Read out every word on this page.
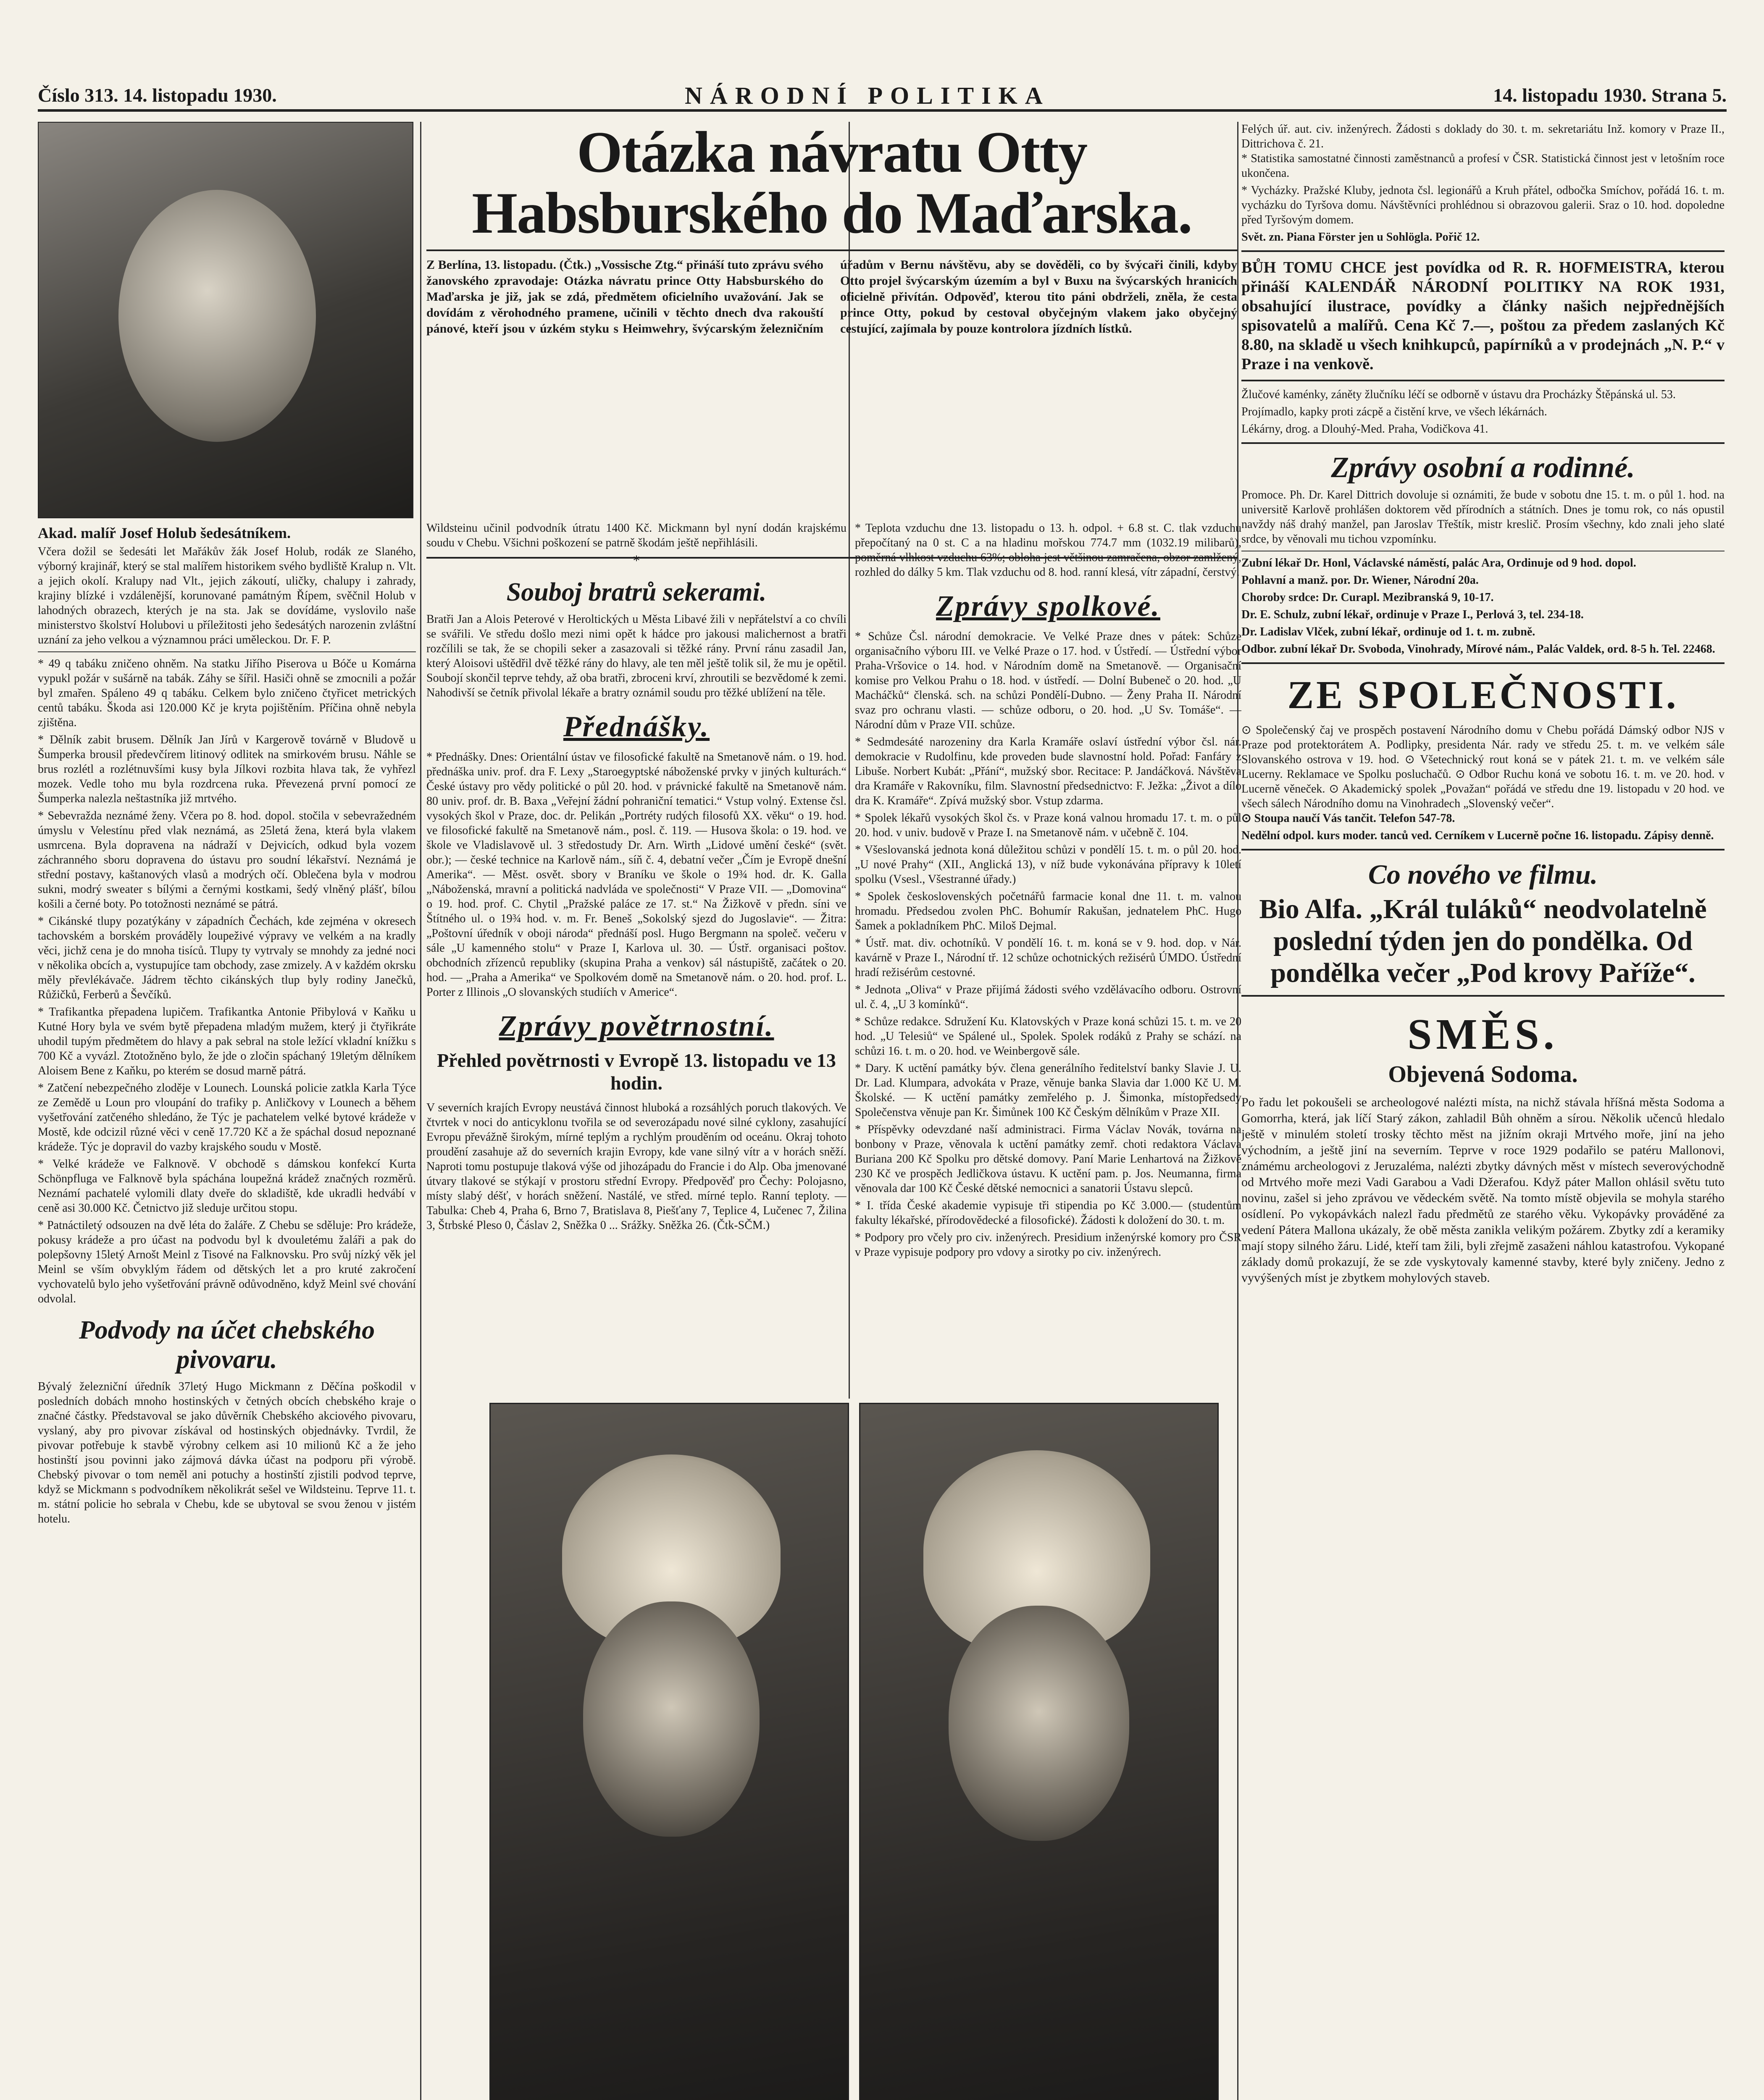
Číslo 313. 14. listopadu 1930.	NÁRODNÍ POLITIKA	14. listopadu 1930. Strana 5.
Akad. malíř Josef Holub šedesátníkem.
Včera dožil se šedesáti let Mařákův žák Josef Holub, rodák ze Slaného, výborný krajinář, který se stal malířem historikem svého bydliště Kralup n. Vlt. a jejich okolí. Kralupy nad Vlt., jejich zákoutí, uličky, chalupy i zahrady, krajiny blízké i vzdálenější, korunované památným Řípem, svěčnil Holub v lahodných obrazech, kterých je na sta. Jak se dovídáme, vyslovilo naše ministerstvo školství Holubovi u příležitosti jeho šedesátých narozenin zvláštní uznání za jeho velkou a významnou práci uměleckou. Dr. F. P.
* 49 q tabáku zničeno ohněm. Na statku Jiřího Piserova u Bóče u Komárna vypukl požár v sušárně na tabák. Záhy se šířil. Hasiči ohně se zmocnili a požár byl zmařen. Spáleno 49 q tabáku. Celkem bylo zničeno čtyřicet metrických centů tabáku. Škoda asi 120.000 Kč je kryta pojištěním. Příčina ohně nebyla zjištěna.
* Dělník zabit brusem. Dělník Jan Jírů v Kargerově továrně v Bludově u Šumperka brousil předevčírem litinový odlitek na smirkovém brusu. Náhle se brus rozlétl a rozlétnuvšími kusy byla Jílkovi rozbita hlava tak, že vyhřezl mozek. Vedle toho mu byla rozdrcena ruka. Převezená první pomocí ze Šumperka nalezla neštastníka již mrtvého.
* Sebevražda neznámé ženy. Včera po 8. hod. dopol. stočila v sebevražedném úmyslu v Velestínu před vlak neznámá, as 25letá žena, která byla vlakem usmrcena. Byla dopravena na nádraží v Dejvicích, odkud byla vozem záchranného sboru dopravena do ústavu pro soudní lékařství. Neznámá je střední postavy, kaštanových vlasů a modrých očí. Oblečena byla v modrou sukni, modrý sweater s bílými a černými kostkami, šedý vlněný plášť, bílou košili a černé boty. Po totožnosti neznámé se pátrá.
* Cikánské tlupy pozatýkány v západních Čechách, kde zejména v okresech tachovském a borském prováděly loupeživé výpravy ve velkém a na kradly věci, jichž cena je do mnoha tisíců. Tlupy ty vytrvaly se mnohdy za jedné noci v několika obcích a, vystupujíce tam obchody, zase zmizely. A v každém okrsku měly převlékávače. Jádrem těchto cikánských tlup byly rodiny Janečků, Růžičků, Ferberů a Ševčíků.
* Trafikantka přepadena lupičem. Trafikantka Antonie Přibylová v Kaňku u Kutné Hory byla ve svém bytě přepadena mladým mužem, který ji čtyřikráte uhodil tupým předmětem do hlavy a pak sebral na stole ležící vkladní knížku s 700 Kč a vyvázl. Ztotožněno bylo, že jde o zločin spáchaný 19letým dělníkem Aloisem Bene z Kaňku, po kterém se dosud marně pátrá.
* Zatčení nebezpečného zloděje v Lounech. Lounská policie zatkla Karla Týce ze Zemědě u Loun pro vloupání do trafiky p. Anličkovy v Lounech a během vyšetřování zatčeného shledáno, že Týc je pachatelem velké bytové krádeže v Mostě, kde odcizil různé věci v ceně 17.720 Kč a že spáchal dosud nepoznané krádeže. Týc je dopravil do vazby krajského soudu v Mostě.
* Velké krádeže ve Falknově. V obchodě s dámskou konfekcí Kurta Schönpfluga ve Falknově byla spáchána loupežná krádež značných rozměrů. Neznámí pachatelé vylomili dlaty dveře do skladiště, kde ukradli hedvábí v ceně asi 30.000 Kč. Četnictvo již sleduje určitou stopu.
* Patnáctiletý odsouzen na dvě léta do žaláře. Z Chebu se sděluje: Pro krádeže, pokusy krádeže a pro účast na podvodu byl k dvouletému žaláři a pak do polepšovny 15letý Arnošt Meinl z Tisové na Falknovsku. Pro svůj nízký věk jel Meinl se vším obvyklým řádem od dětských let a pro kruté zakročení vychovatelů bylo jeho vyšetřování právně odůvodněno, když Meinl své chování odvolal.
Podvody na účet chebského pivovaru.
Bývalý železniční úředník 37letý Hugo Mickmann z Děčína poškodil v posledních dobách mnoho hostinských v četných obcích chebského kraje o značné částky. Představoval se jako důvěrník Chebského akciového pivovaru, vyslaný, aby pro pivovar získával od hostinských objednávky. Tvrdil, že pivovar potřebuje k stavbě výrobny celkem asi 10 milionů Kč a že jeho hostinští jsou povinni jako zájmová dávka účast na podporu při výrobě. Chebský pivovar o tom neměl ani potuchy a hostinští zjistili podvod teprve, když se Mickmann s podvodníkem několikrát sešel ve Wildsteinu. Teprve 11. t. m. státní policie ho sebrala v Chebu, kde se ubytoval se svou ženou v jistém hotelu.
Otázka návratu Otty Habsburského do Maďarska.
Z Berlína, 13. listopadu. (Čtk.) „Vossische Ztg.“ přináší tuto zprávu svého žanovského zpravodaje: Otázka návratu prince Otty Habsburského do Maďarska je již, jak se zdá, předmětem oficielního uvažování. Jak se dovídám z věrohodného pramene, učinili v těchto dnech dva rakouští pánové, kteří jsou v úzkém styku s Heimwehry, švýcarským železničním úřadům v Bernu návštěvu, aby se dověděli, co by švýcaři činili, kdyby Otto projel švýcarským územím a byl v Buxu na švýcarských hranicích oficielně přivítán. Odpověď, kterou tito páni obdrželi, zněla, že cesta prince Otty, pokud by cestoval obyčejným vlakem jako obyčejný cestující, zajímala by pouze kontrolora jízdních lístků.
Wildsteinu učinil podvodník útratu 1400 Kč. Mickmann byl nyní dodán krajskému soudu v Chebu. Všichni poškození se patrně škodám ještě nepřihlásili.
*
Souboj bratrů sekerami.
Bratři Jan a Alois Peterové v Heroltických u Města Libavé žili v nepřátelství a co chvíli se svářili. Ve středu došlo mezi nimi opět k hádce pro jakousi malichernost a bratři rozčílili se tak, že se chopili seker a zasazovali si těžké rány. První ránu zasadil Jan, který Aloisovi uštědřil dvě těžké rány do hlavy, ale ten měl ještě tolik sil, že mu je opětil. Soubojí skončil teprve tehdy, až oba bratři, zbroceni krví, zhroutili se bezvědomé k zemi. Nahodivší se četník přivolal lékaře a bratry oznámil soudu pro těžké ublížení na těle.
Přednášky.
* Přednášky. Dnes: Orientální ústav ve filosofické fakultě na Smetanově nám. o 19. hod. přednáška univ. prof. dra F. Lexy „Staroegyptské náboženské prvky v jiných kulturách.“ České ústavy pro vědy politické o půl 20. hod. v právnické fakultě na Smetanově nám. 80 univ. prof. dr. B. Baxa „Veřejní žádní pohraniční tematici.“ Vstup volný. Extense čsl. vysokých škol v Praze, doc. dr. Pelikán „Portréty rudých filosofů XX. věku“ o 19. hod. ve filosofické fakultě na Smetanově nám., posl. č. 119. — Husova škola: o 19. hod. ve škole ve Vladislavově ul. 3 středostudy Dr. Arn. Wirth „Lidové umění české“ (svět. obr.); — české technice na Karlově nám., síň č. 4, debatní večer „Čím je Evropě dnešní Amerika“. — Měst. osvět. sbory v Braníku ve škole o 19¾ hod. dr. K. Galla „Náboženská, mravní a politická nadvláda ve společnosti“ V Praze VII. — „Domovina“ o 19. hod. prof. C. Chytil „Pražské paláce ze 17. st.“ Na Žižkově v předn. síni ve Štítného ul. o 19¾ hod. v. m. Fr. Beneš „Sokolský sjezd do Jugoslavie“. — Žitra: „Poštovní úředník v oboji národa“ přednáší posl. Hugo Bergmann na společ. večeru v sále „U kamenného stolu“ v Praze I, Karlova ul. 30. — Ústř. organisaci poštov. obchodních zřízenců republiky (skupina Praha a venkov) sál nástupiště, začátek o 20. hod. — „Praha a Amerika“ ve Spolkovém domě na Smetanově nám. o 20. hod. prof. L. Porter z Illinois „O slovanských studiích v Americe“.
Zprávy povětrnostní.
Přehled povětrnosti v Evropě 13. listopadu ve 13 hodin.
V severních krajích Evropy neustává činnost hluboká a rozsáhlých poruch tlakových. Ve čtvrtek v noci do anticyklonu tvořila se od severozápadu nové silné cyklony, zasahující Evropu převážně širokým, mírné teplým a rychlým prouděním od oceánu. Okraj tohoto proudění zasahuje až do severních krajin Evropy, kde vane silný vítr a v horách sněží. Naproti tomu postupuje tlaková výše od jihozápadu do Francie i do Alp. Oba jmenované útvary tlakové se stýkají v prostoru střední Evropy. Předpověď pro Čechy: Polojasno, místy slabý déšť, v horách sněžení. Nastálé, ve střed. mírné teplo. Ranní teploty. — Tabulka: Cheb 4, Praha 6, Brno 7, Bratislava 8, Piešťany 7, Teplice 4, Lučenec 7, Žilina 3, Štrbské Pleso 0, Čáslav 2, Sněžka 0 ... Srážky. Sněžka 26. (Čtk-SČM.)
* Teplota vzduchu dne 13. listopadu o 13. h. odpol. + 6.8 st. C. tlak vzduchu přepočítaný na 0 st. C a na hladinu mořskou 774.7 mm (1032.19 milibarů), poměrná vlhkost vzduchu 63%; obloha jest většinou zamračena, obzor zamlžený, rozhled do dálky 5 km. Tlak vzduchu od 8. hod. ranní klesá, vítr západní, čerstvý.
Zprávy spolkové.
* Schůze Čsl. národní demokracie. Ve Velké Praze dnes v pátek: Schůze organisačního výboru III. ve Velké Praze o 17. hod. v Ústředí. — Ústřední výbor Praha-Vršovice o 14. hod. v Národním domě na Smetanově. — Organisační komise pro Velkou Prahu o 18. hod. v ústředí. — Dolní Bubeneč o 20. hod. „U Macháčků“ členská. sch. na schůzi Pondělí-Dubno. — Ženy Praha II. Národní svaz pro ochranu vlasti. — schůze odboru, o 20. hod. „U Sv. Tomáše“. — Národní dům v Praze VII. schůze.
* Sedmdesáté narozeniny dra Karla Kramáře oslaví ústřední výbor čsl. nár. demokracie v Rudolfinu, kde proveden bude slavnostní hold. Pořad: Fanfáry z Libuše. Norbert Kubát: „Přání“, mužský sbor. Recitace: P. Jandáčková. Návštěva dra Kramáře v Rakovníku, film. Slavnostní předsednictvo: F. Ježka: „Život a dílo dra K. Kramáře“. Zpívá mužský sbor. Vstup zdarma.
* Spolek lékařů vysokých škol čs. v Praze koná valnou hromadu 17. t. m. o půl 20. hod. v univ. budově v Praze I. na Smetanově nám. v učebně č. 104.
* Všeslovanská jednota koná důležitou schůzi v pondělí 15. t. m. o půl 20. hod. „U nové Prahy“ (XII., Anglická 13), v níž bude vykonávána přípravy k 10letí spolku (Vsesl., Všestranné úřady.)
* Spolek československých početnářů farmacie konal dne 11. t. m. valnou hromadu. Předsedou zvolen PhC. Bohumír Rakušan, jednatelem PhC. Hugo Šamek a pokladníkem PhC. Miloš Dejmal.
* Ústř. mat. div. ochotníků. V pondělí 16. t. m. koná se v 9. hod. dop. v Nár. kavárně v Praze I., Národní tř. 12 schůze ochotnických režisérů ÚMDO. Ústřední hradí režisérům cestovné.
* Jednota „Oliva“ v Praze přijímá žádosti svého vzdělávacího odboru. Ostrovní ul. č. 4, „U 3 komínků“.
* Schůze redakce. Sdružení Ku. Klatovských v Praze koná schůzi 15. t. m. ve 20 hod. „U Telesiů“ ve Spálené ul., Spolek. Spolek rodáků z Prahy se schází. na schůzi 16. t. m. o 20. hod. ve Weinbergově sále.
* Dary. K uctění památky býv. člena generálního ředitelství banky Slavie J. U. Dr. Lad. Klumpara, advokáta v Praze, věnuje banka Slavia dar 1.000 Kč U. M. Školské. — K uctění památky zemřelého p. J. Šimonka, místopředsedy Společenstva věnuje pan Kr. Šimůnek 100 Kč Českým dělníkům v Praze XII.
* Příspěvky odevzdané naší administraci. Firma Václav Novák, továrna na bonbony v Praze, věnovala k uctění památky zemř. choti redaktora Václava Buriana 200 Kč Spolku pro dětské domovy. Paní Marie Lenhartová na Žižkově 230 Kč ve prospěch Jedličkova ústavu. K uctění pam. p. Jos. Neumanna, firma věnovala dar 100 Kč České dětské nemocnici a sanatorii Ústavu slepců.
* I. třída České akademie vypisuje tři stipendia po Kč 3.000.— (studentům fakulty lékařské, přírodovědecké a filosofické). Žádosti k doložení do 30. t. m.
* Podpory pro včely pro civ. inženýrech. Presidium inženýrské komory pro ČSR v Praze vypisuje podpory pro vdovy a sirotky po civ. inženýrech.
Felých úř. aut. civ. inženýrech. Žádosti s doklady do 30. t. m. sekretariátu Inž. komory v Praze II., Dittrichova č. 21.
* Statistika samostatné činnosti zaměstnanců a profesí v ČSR. Statistická činnost jest v letošním roce ukončena.
* Vycházky. Pražské Kluby, jednota čsl. legionářů a Kruh přátel, odbočka Smíchov, pořádá 16. t. m. vycházku do Tyršova domu. Návštěvníci prohlédnou si obrazovou galerii. Sraz o 10. hod. dopoledne před Tyršovým domem.
Svět. zn. Piana Förster jen u Sohlögla. Pořič 12.
BŮH TOMU CHCE jest povídka od R. R. HOFMEISTRA, kterou přináší KALENDÁŘ NÁRODNÍ POLITIKY NA ROK 1931, obsahující ilustrace, povídky a články našich nejpřednějších spisovatelů a malířů. Cena Kč 7.—, poštou za předem zaslaných Kč 8.80, na skladě u všech knihkupců, papírníků a v prodejnách „N. P.“ v Praze i na venkově.
Žlučové kaménky, záněty žlučníku léčí se odborně v ústavu dra Procházky Štěpánská ul. 53.
Projímadlo, kapky proti zácpě a čistění krve, ve všech lékárnách.
Lékárny, drog. a Dlouhý-Med. Praha, Vodičkova 41.
Zprávy osobní a rodinné.
Promoce. Ph. Dr. Karel Dittrich dovoluje si oznámiti, že bude v sobotu dne 15. t. m. o půl 1. hod. na universitě Karlově prohlášen doktorem věd přírodních a státních. Dnes je tomu rok, co nás opustil navždy náš drahý manžel, pan Jaroslav Třeštík, mistr kreslič. Prosím všechny, kdo znali jeho slaté srdce, by věnovali mu tichou vzpomínku.
Zubní lékař Dr. Honl, Václavské náměstí, palác Ara, Ordinuje od 9 hod. dopol.
Pohlavní a manž. por. Dr. Wiener, Národní 20a.
Choroby srdce: Dr. Curapl. Mezibranská 9, 10-17.
Dr. E. Schulz, zubní lékař, ordinuje v Praze I., Perlová 3, tel. 234-18.
Dr. Ladislav Vlček, zubní lékař, ordinuje od 1. t. m. zubně.
Odbor. zubní lékař Dr. Svoboda, Vinohrady, Mírové nám., Palác Valdek, ord. 8-5 h. Tel. 22468.
ZE SPOLEČNOSTI.
⊙ Společenský čaj ve prospěch postavení Národního domu v Chebu pořádá Dámský odbor NJS v Praze pod protektorátem A. Podlipky, presidenta Nár. rady ve středu 25. t. m. ve velkém sále Slovanského ostrova v 19. hod. ⊙ Všetechnický rout koná se v pátek 21. t. m. ve velkém sále Lucerny. Reklamace ve Spolku posluchačů. ⊙ Odbor Ruchu koná ve sobotu 16. t. m. ve 20. hod. v Lucerně věneček. ⊙ Akademický spolek „Považan“ pořádá ve středu dne 19. listopadu v 20 hod. ve všech sálech Národního domu na Vinohradech „Slovenský večer“.
⊙ Stoupa naučí Vás tančit. Telefon 547-78.
Nedělní odpol. kurs moder. tanců ved. Cerníkem v Lucerně počne 16. listopadu. Zápisy denně.
Co nového ve filmu.
Bio Alfa. „Král tuláků“ neodvolatelně poslední týden jen do pondělka. Od pondělka večer „Pod krovy Paříže“.
SMĚS.
Objevená Sodoma.
Po řadu let pokoušeli se archeologové nalézti místa, na nichž stávala hříšná města Sodoma a Gomorrha, která, jak líčí Starý zákon, zahladil Bůh ohněm a sírou. Několik učenců hledalo ještě v minulém století trosky těchto měst na jižním okraji Mrtvého moře, jiní na jeho východním, a ještě jiní na severním. Teprve v roce 1929 podařilo se patéru Mallonovi, známému archeologovi z Jeruzaléma, nalézti zbytky dávných měst v místech severovýchodně od Mrtvého moře mezi Vadi Garabou a Vadi Džerafou. Když páter Mallon ohlásil světu tuto novinu, zašel si jeho zprávou ve vědeckém světě. Na tomto místě objevila se mohyla starého osídlení. Po vykopávkách nalezl řadu předmětů ze starého věku. Vykopávky prováděné za vedení Pátera Mallona ukázaly, že obě města zanikla velikým požárem. Zbytky zdí a keramiky mají stopy silného žáru. Lidé, kteří tam žili, byli zřejmě zasaženi náhlou katastrofou. Vykopané základy domů prokazují, že se zde vyskytovaly kamenné stavby, které byly zničeny. Jedno z vyvýšených míst je zbytkem mohylových staveb.
